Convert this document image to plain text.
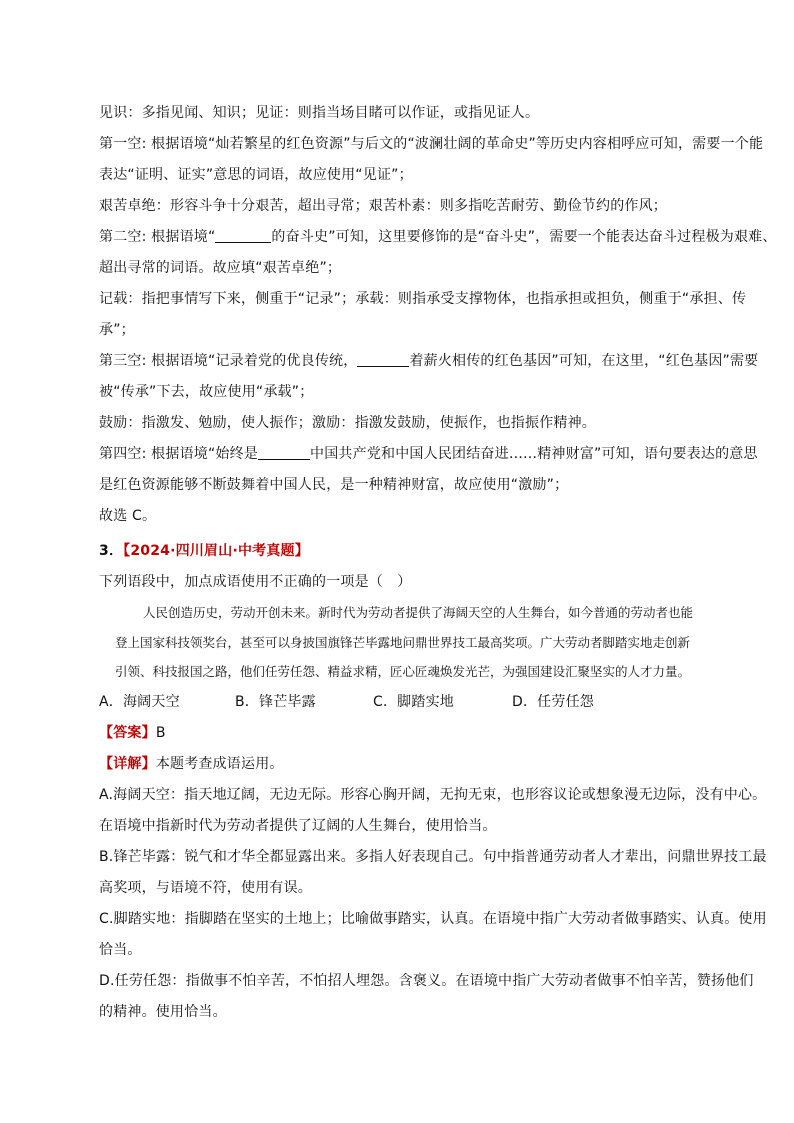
见识：多指见闻、知识；见证：则指当场目睹可以作证，或指见证人。
第一空: 根据语境“灿若繁星的红色资源”与后文的“波澜壮阔的革命史”等历史内容相呼应可知，需要一个能
表达“证明、证实”意思的词语，故应使用“见证”；
艰苦卓绝：形容斗争十分艰苦，超出寻常；艰苦朴素：则多指吃苦耐劳、勤俭节约的作风；
第二空: 根据语境“	的奋斗史”可知，这里要修饰的是“奋斗史”，需要一个能表达奋斗过程极为艰难、
超出寻常的词语。故应填“艰苦卓绝”；
记载：指把事情写下来，侧重于“记录”；承载：则指承受支撑物体，也指承担或担负，侧重于“承担、传
承”；
第三空: 根据语境“记录着党的优良传统，	着薪火相传的红色基因”可知，在这里，“红色基因”需要
被“传承”下去，故应使用“承载”；
鼓励：指激发、勉励，使人振作；激励：指激发鼓励，使振作，也指振作精神。
第四空: 根据语境“始终是	中国共产党和中国人民团结奋进……精神财富”可知，语句要表达的意思
是红色资源能够不断鼓舞着中国人民，是一种精神财富，故应使用“激励”；
故选 C。
3．【2024·四川眉山·中考真题】
下列语段中，加点成语使用不正确的一项是（　）
人民创造历史，劳动开创未来。新时代为劳动者提供了海阔天空的人生舞台，如今普通的劳动者也能
登上国家科技领奖台，甚至可以身披国旗锋芒毕露地问鼎世界技工最高奖项。广大劳动者脚踏实地走创新
引领、科技报国之路，他们任劳任怨、精益求精，匠心匠魂焕发光芒，为强国建设汇聚坚实的人才力量。
A．海阔天空	B．锋芒毕露	C．脚踏实地	D．任劳任怨
【答案】B
【详解】本题考查成语运用。
A.海阔天空：指天地辽阔，无边无际。形容心胸开阔，无拘无束，也形容议论或想象漫无边际，没有中心。
在语境中指新时代为劳动者提供了辽阔的人生舞台，使用恰当。
B.锋芒毕露：锐气和才华全都显露出来。多指人好表现自己。句中指普通劳动者人才辈出，问鼎世界技工最
高奖项，与语境不符，使用有误。
C.脚踏实地：指脚踏在坚实的土地上；比喻做事踏实，认真。在语境中指广大劳动者做事踏实、认真。使用
恰当。
D.任劳任怨：指做事不怕辛苦，不怕招人埋怨。含褒义。在语境中指广大劳动者做事不怕辛苦，赞扬他们
的精神。使用恰当。
